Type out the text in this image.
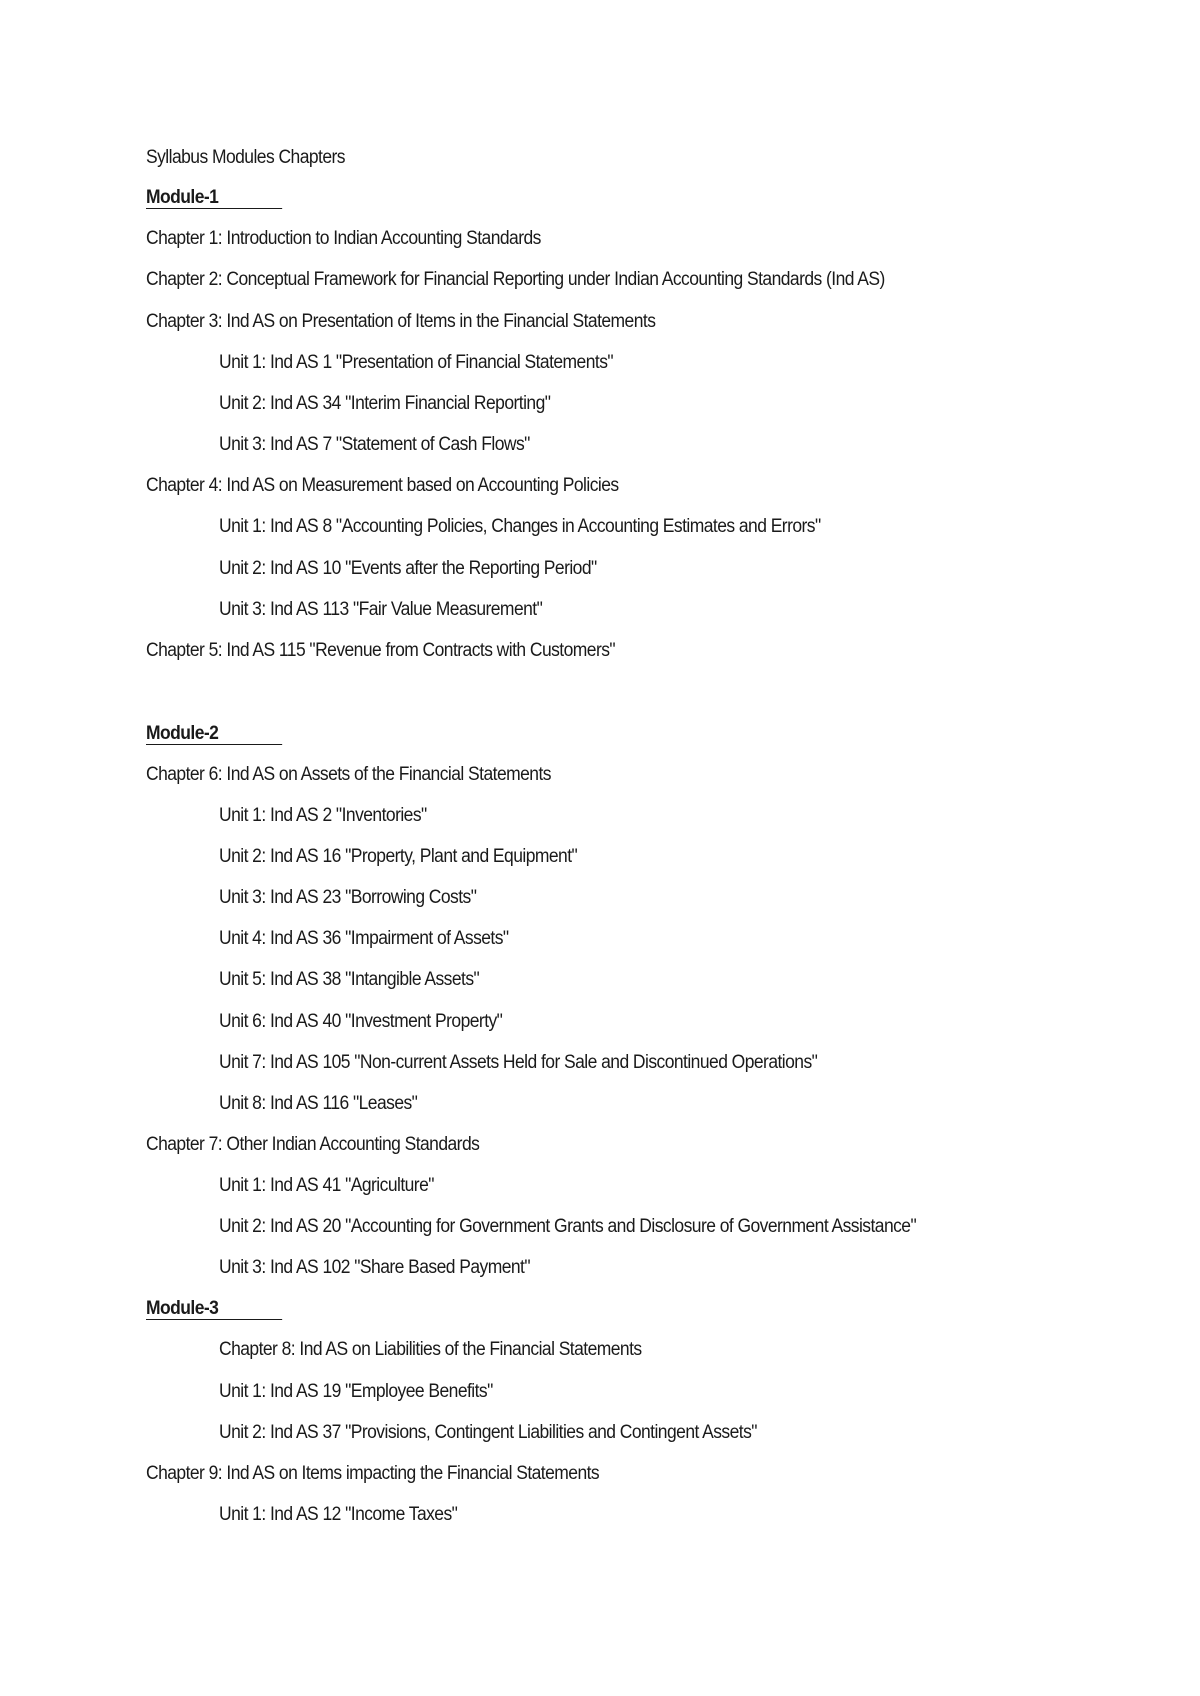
Syllabus Modules Chapters
Module-1
Chapter 1: Introduction to Indian Accounting Standards
Chapter 2: Conceptual Framework for Financial Reporting under Indian Accounting Standards (Ind AS)
Chapter 3: Ind AS on Presentation of Items in the Financial Statements
Unit 1: Ind AS 1 "Presentation of Financial Statements"
Unit 2: Ind AS 34 "Interim Financial Reporting"
Unit 3: Ind AS 7 "Statement of Cash Flows"
Chapter 4: Ind AS on Measurement based on Accounting Policies
Unit 1: Ind AS 8 "Accounting Policies, Changes in Accounting Estimates and Errors"
Unit 2: Ind AS 10 "Events after the Reporting Period"
Unit 3: Ind AS 113 "Fair Value Measurement"
Chapter 5: Ind AS 115 "Revenue from Contracts with Customers"
Module-2
Chapter 6: Ind AS on Assets of the Financial Statements
Unit 1: Ind AS 2 "Inventories"
Unit 2: Ind AS 16 "Property, Plant and Equipment"
Unit 3: Ind AS 23 "Borrowing Costs"
Unit 4: Ind AS 36 "Impairment of Assets"
Unit 5: Ind AS 38 "Intangible Assets"
Unit 6: Ind AS 40 "Investment Property"
Unit 7: Ind AS 105 "Non-current Assets Held for Sale and Discontinued Operations"
Unit 8: Ind AS 116 "Leases"
Chapter 7: Other Indian Accounting Standards
Unit 1: Ind AS 41 "Agriculture"
Unit 2: Ind AS 20 "Accounting for Government Grants and Disclosure of Government Assistance"
Unit 3: Ind AS 102 "Share Based Payment"
Module-3
Chapter 8: Ind AS on Liabilities of the Financial Statements
Unit 1: Ind AS 19 "Employee Benefits"
Unit 2: Ind AS 37 "Provisions, Contingent Liabilities and Contingent Assets"
Chapter 9: Ind AS on Items impacting the Financial Statements
Unit 1: Ind AS 12 "Income Taxes"
